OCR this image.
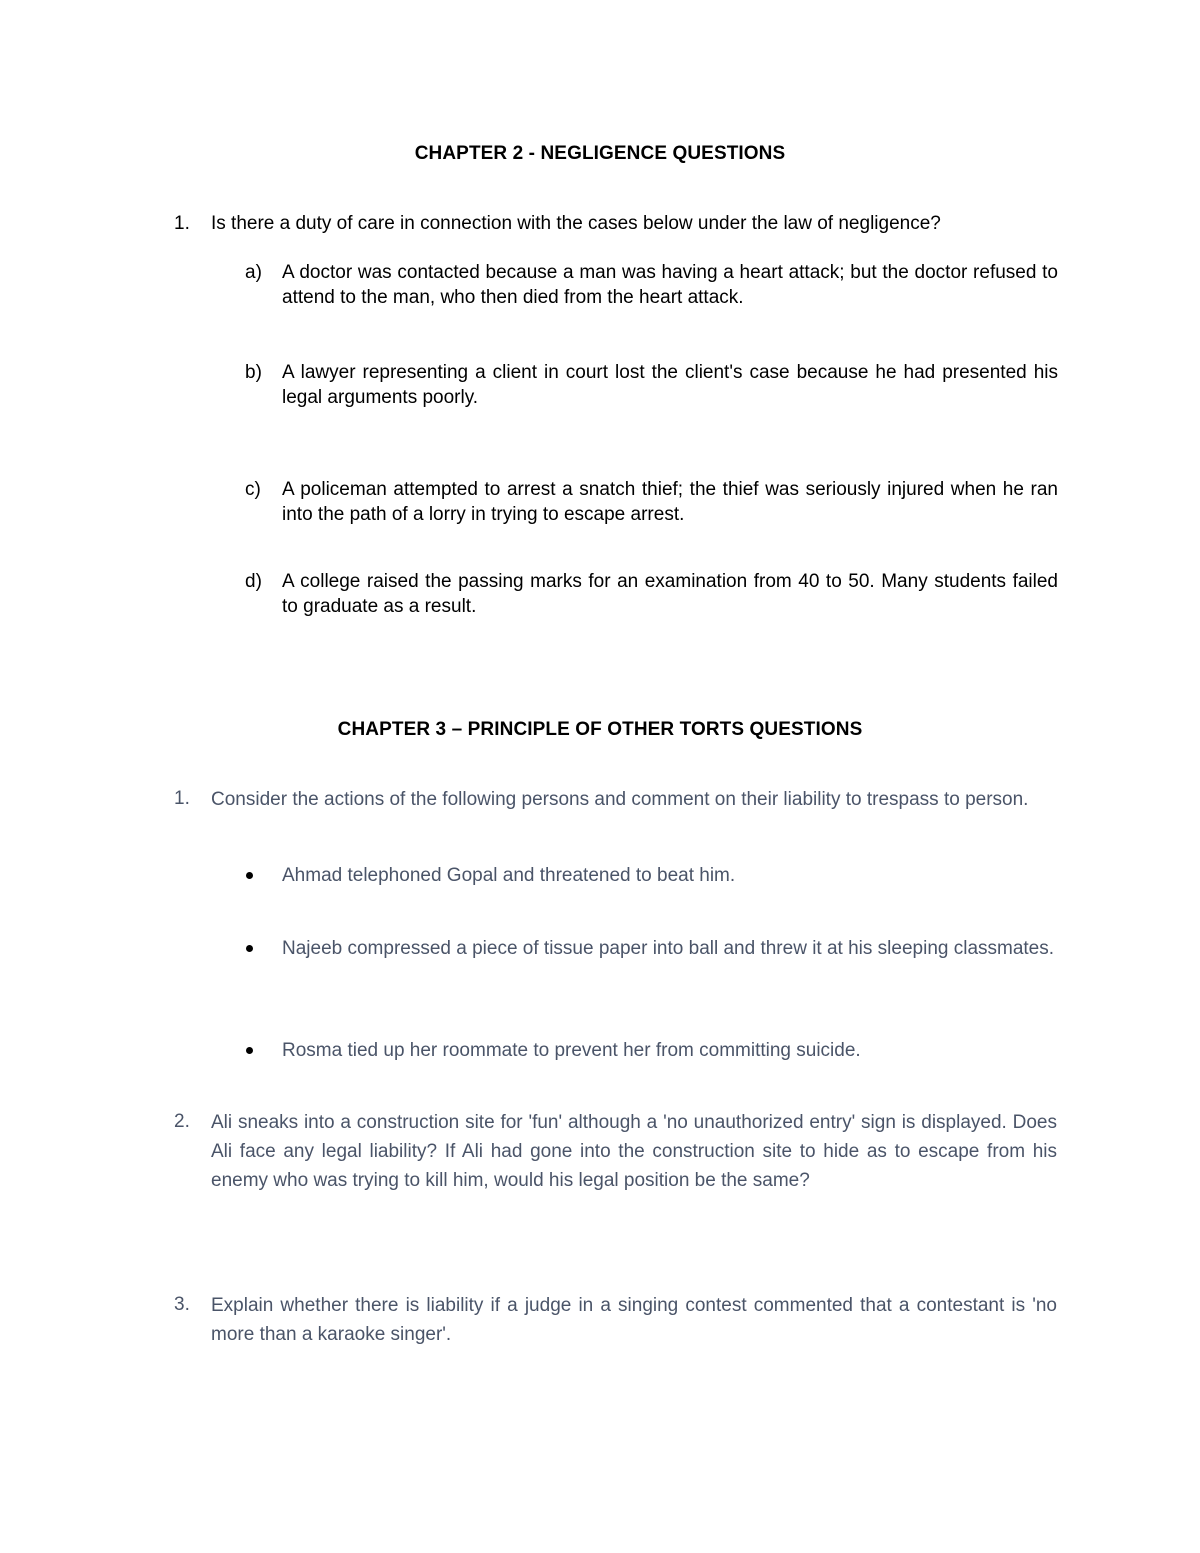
CHAPTER 2 - NEGLIGENCE QUESTIONS
1.	Is there a duty of care in connection with the cases below under the law of negligence?
a)	A doctor was contacted because a man was having a heart attack; but the doctor refused to attend to the man, who then died from the heart attack.
b)	A lawyer representing a client in court lost the client's case because he had presented his legal arguments poorly.
c)	A policeman attempted to arrest a snatch thief; the thief was seriously injured when he ran into the path of a lorry in trying to escape arrest.
d)	A college raised the passing marks for an examination from 40 to 50. Many students failed to graduate as a result.
CHAPTER 3 – PRINCIPLE OF OTHER TORTS QUESTIONS
1.	Consider the actions of the following persons and comment on their liability to trespass to person.
Ahmad telephoned Gopal and threatened to beat him.
Najeeb compressed a piece of tissue paper into ball and threw it at his sleeping classmates.
Rosma tied up her roommate to prevent her from committing suicide.
2.	Ali sneaks into a construction site for 'fun' although a 'no unauthorized entry' sign is displayed. Does Ali face any legal liability? If Ali had gone into the construction site to hide as to escape from his enemy who was trying to kill him, would his legal position be the same?
3.	Explain whether there is liability if a judge in a singing contest commented that a contestant is 'no more than a karaoke singer'.
